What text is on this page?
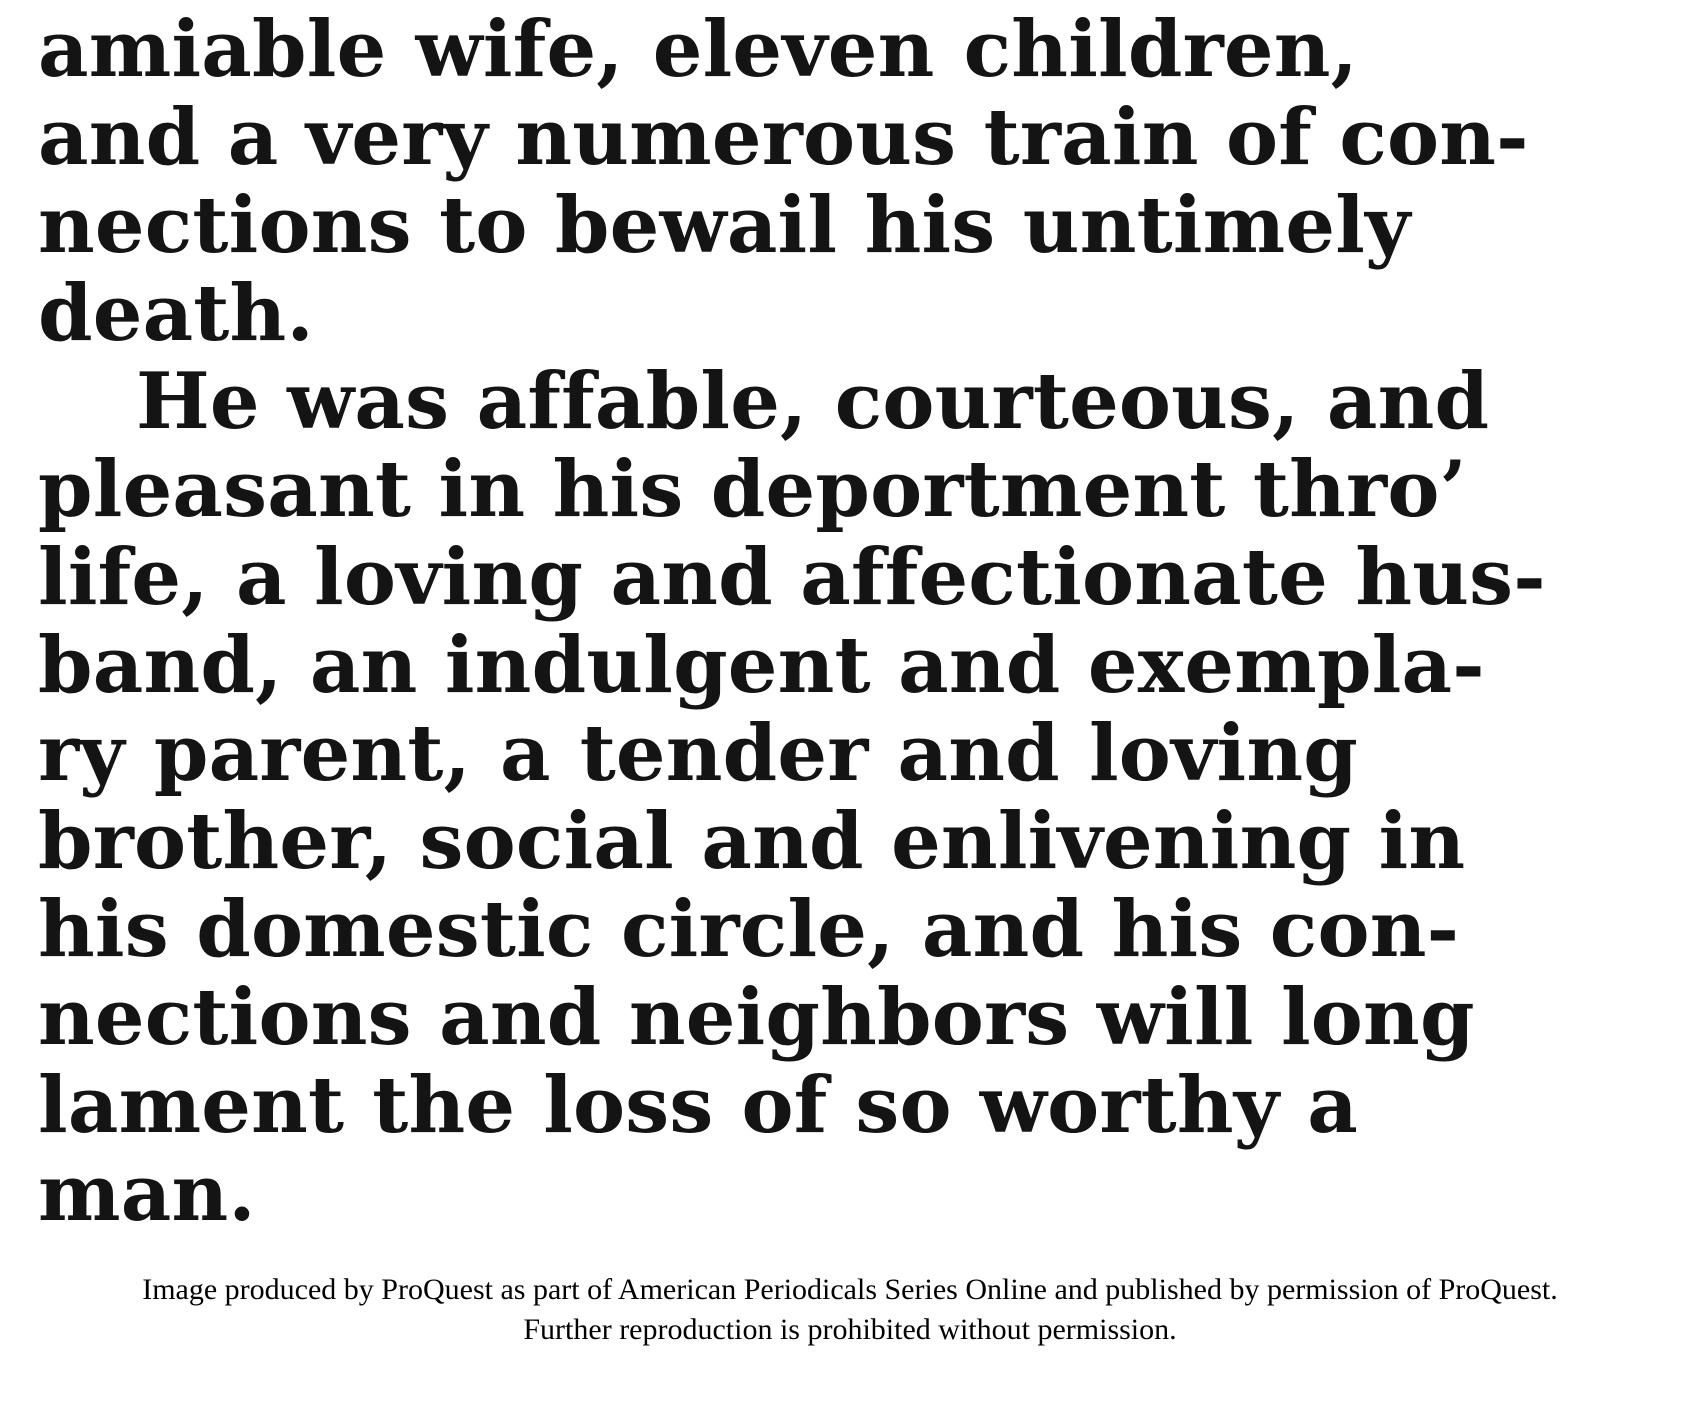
amiable wife, eleven children,
and a very numerous train of con-
nections to bewail his untimely
death.
He was affable, courteous, and
pleasant in his deportment thro’
life, a loving and affectionate hus-
band, an indulgent and exempla-
ry parent, a tender and loving
brother, social and enlivening in
his domestic circle, and his con-
nections and neighbors will long
lament the loss of so worthy a
man.
Image produced by ProQuest as part of American Periodicals Series Online and published by permission of ProQuest.
Further reproduction is prohibited without permission.
